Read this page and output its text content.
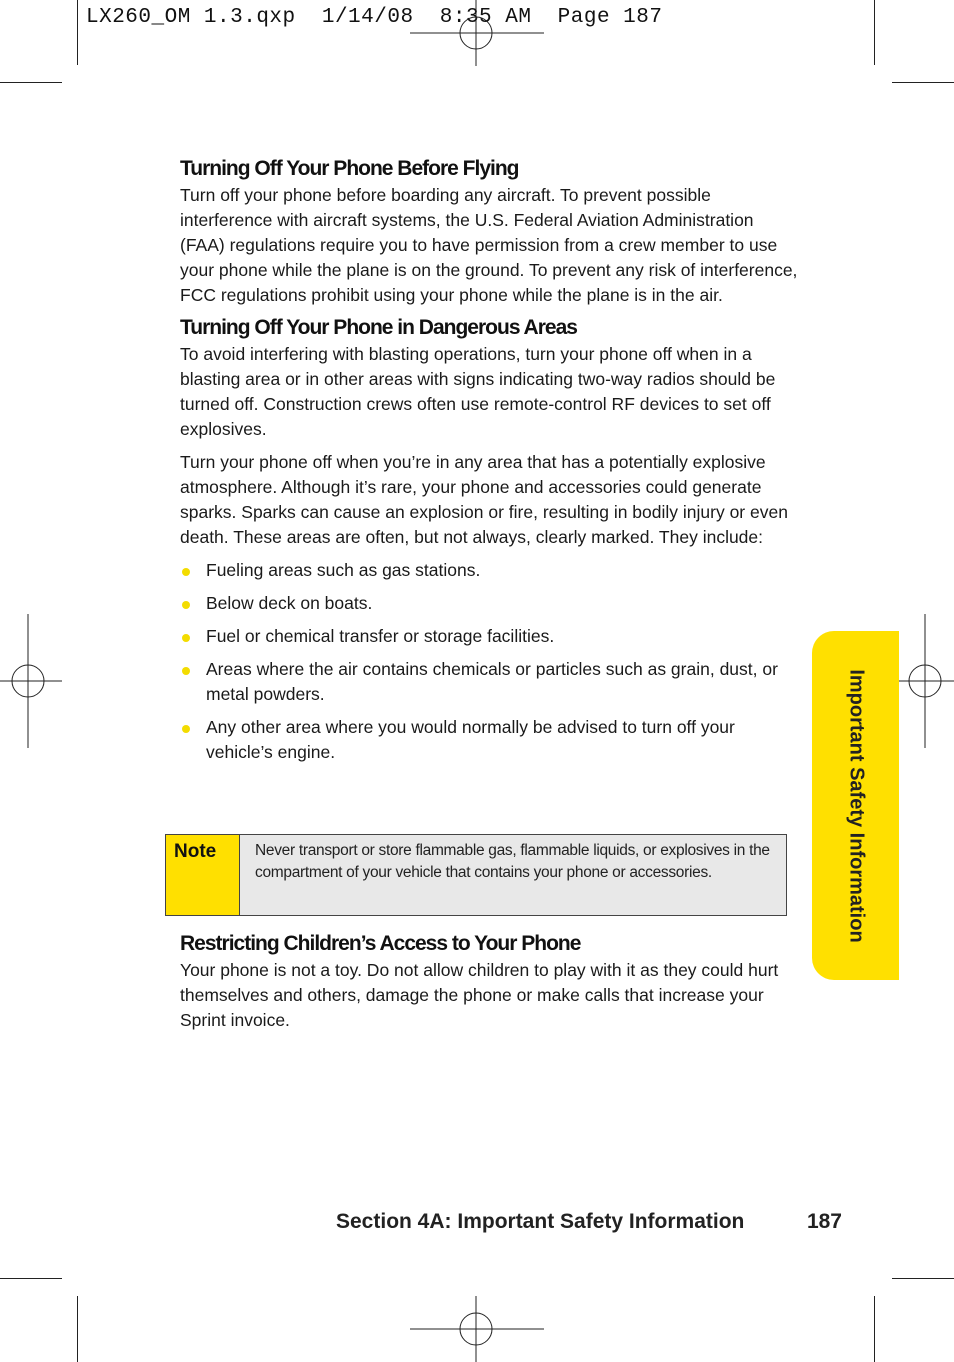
LX260_OM 1.3.qxp  1/14/08  8:35 AM  Page 187
Turning Off Your Phone Before Flying

Turn off your phone before boarding any aircraft. To prevent possible interference with aircraft systems, the U.S. Federal Aviation Administration (FAA) regulations require you to have permission from a crew member to use your phone while the plane is on the ground. To prevent any risk of interference, FCC regulations prohibit using your phone while the plane is in the air.

Turning Off Your Phone in Dangerous Areas

To avoid interfering with blasting operations, turn your phone off when in a blasting area or in other areas with signs indicating two-way radios should be turned off. Construction crews often use remote-control RF devices to set off explosives.

Turn your phone off when you’re in any area that has a potentially explosive atmosphere. Although it’s rare, your phone and accessories could generate sparks. Sparks can cause an explosion or fire, resulting in bodily injury or even death. These areas are often, but not always, clearly marked. They include:

Fueling areas such as gas stations.
Below deck on boats.
Fuel or chemical transfer or storage facilities.
Areas where the air contains chemicals or particles such as grain, dust, or metal powders.
Any other area where you would normally be advised to turn off your vehicle’s engine.
Note	Never transport or store flammable gas, flammable liquids, or explosives in the compartment of your vehicle that contains your phone or accessories.
Restricting Children’s Access to Your Phone

Your phone is not a toy. Do not allow children to play with it as they could hurt themselves and others, damage the phone or make calls that increase your Sprint invoice.

Important Safety Information
Section 4A: Important Safety Information	187
